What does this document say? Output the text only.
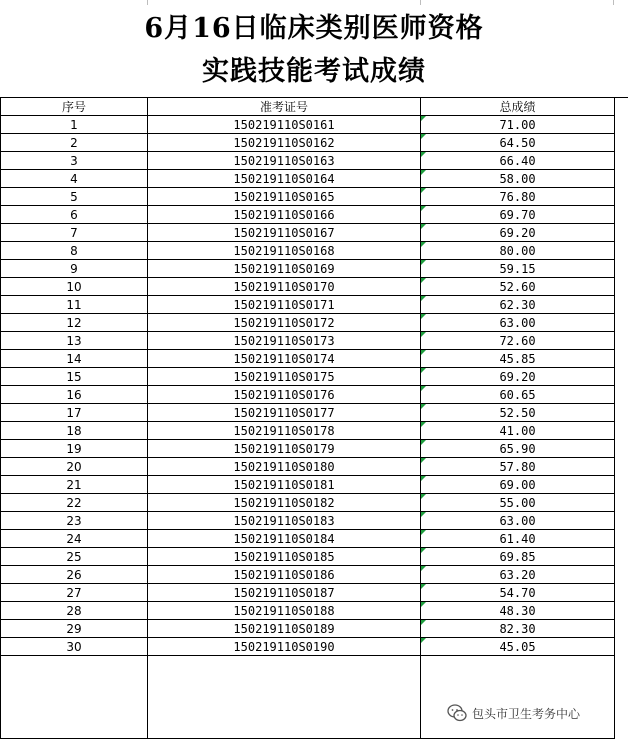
6月16日临床类别医师资格
实践技能考试成绩
序号	准考证号	总成绩
1	150219110S0161	71.00
2	150219110S0162	64.50
3	150219110S0163	66.40
4	150219110S0164	58.00
5	150219110S0165	76.80
6	150219110S0166	69.70
7	150219110S0167	69.20
8	150219110S0168	80.00
9	150219110S0169	59.15
10	150219110S0170	52.60
11	150219110S0171	62.30
12	150219110S0172	63.00
13	150219110S0173	72.60
14	150219110S0174	45.85
15	150219110S0175	69.20
16	150219110S0176	60.65
17	150219110S0177	52.50
18	150219110S0178	41.00
19	150219110S0179	65.90
20	150219110S0180	57.80
21	150219110S0181	69.00
22	150219110S0182	55.00
23	150219110S0183	63.00
24	150219110S0184	61.40
25	150219110S0185	69.85
26	150219110S0186	63.20
27	150219110S0187	54.70
28	150219110S0188	48.30
29	150219110S0189	82.30
30	150219110S0190	45.05

包头市卫生考务中心
